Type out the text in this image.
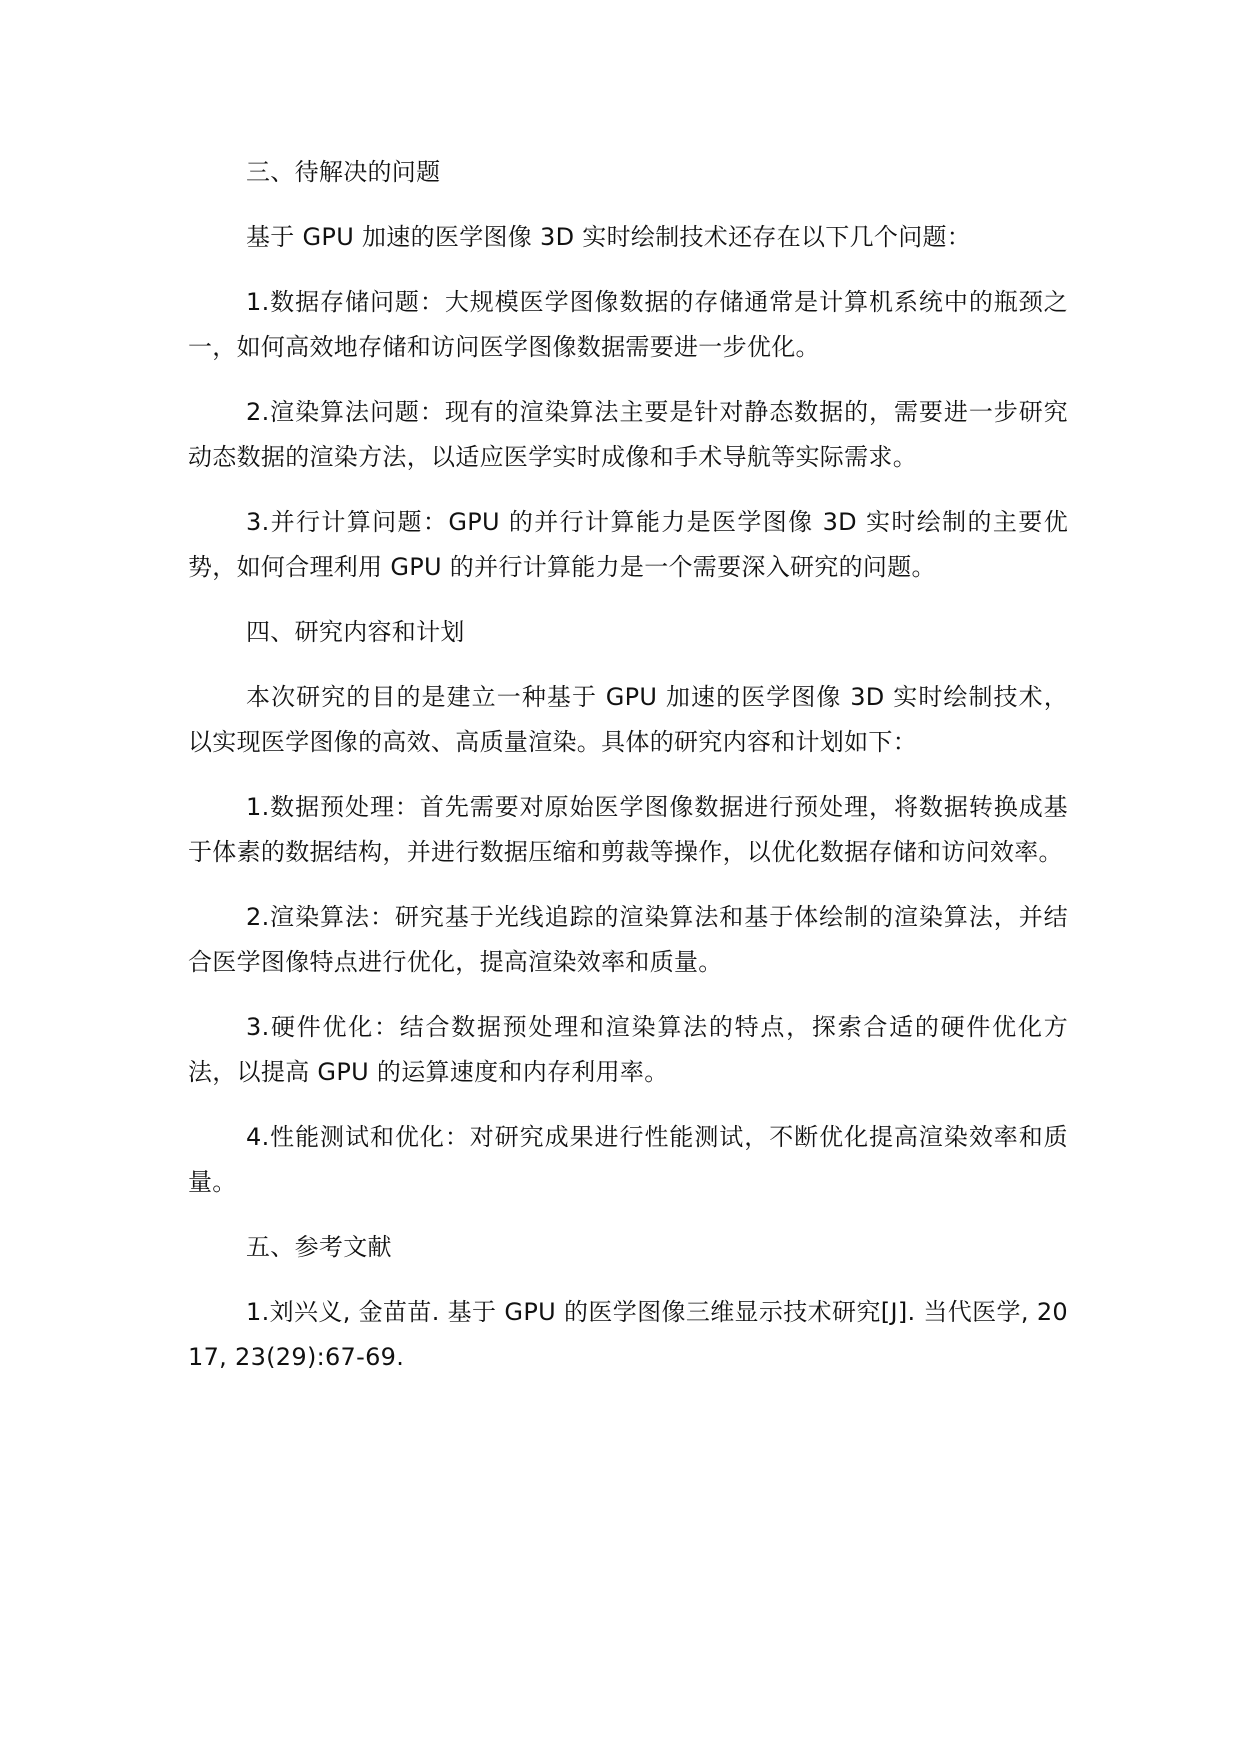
三、待解决的问题

基于 GPU 加速的医学图像 3D 实时绘制技术还存在以下几个问题：

1.数据存储问题：大规模医学图像数据的存储通常是计算机系统中的瓶颈之一，如何高效地存储和访问医学图像数据需要进一步优化。

2.渲染算法问题：现有的渲染算法主要是针对静态数据的，需要进一步研究动态数据的渲染方法，以适应医学实时成像和手术导航等实际需求。

3.并行计算问题：GPU 的并行计算能力是医学图像 3D 实时绘制的主要优势，如何合理利用 GPU 的并行计算能力是一个需要深入研究的问题。

四、研究内容和计划

本次研究的目的是建立一种基于 GPU 加速的医学图像 3D 实时绘制技术，以实现医学图像的高效、高质量渲染。具体的研究内容和计划如下：

1.数据预处理：首先需要对原始医学图像数据进行预处理，将数据转换成基于体素的数据结构，并进行数据压缩和剪裁等操作，以优化数据存储和访问效率。

2.渲染算法：研究基于光线追踪的渲染算法和基于体绘制的渲染算法，并结合医学图像特点进行优化，提高渲染效率和质量。

3.硬件优化：结合数据预处理和渲染算法的特点，探索合适的硬件优化方法，以提高 GPU 的运算速度和内存利用率。

4.性能测试和优化：对研究成果进行性能测试，不断优化提高渲染效率和质量。

五、参考文献

1.刘兴义, 金苗苗. 基于 GPU 的医学图像三维显示技术研究[J]. 当代医学, 2017, 23(29):67-69.
